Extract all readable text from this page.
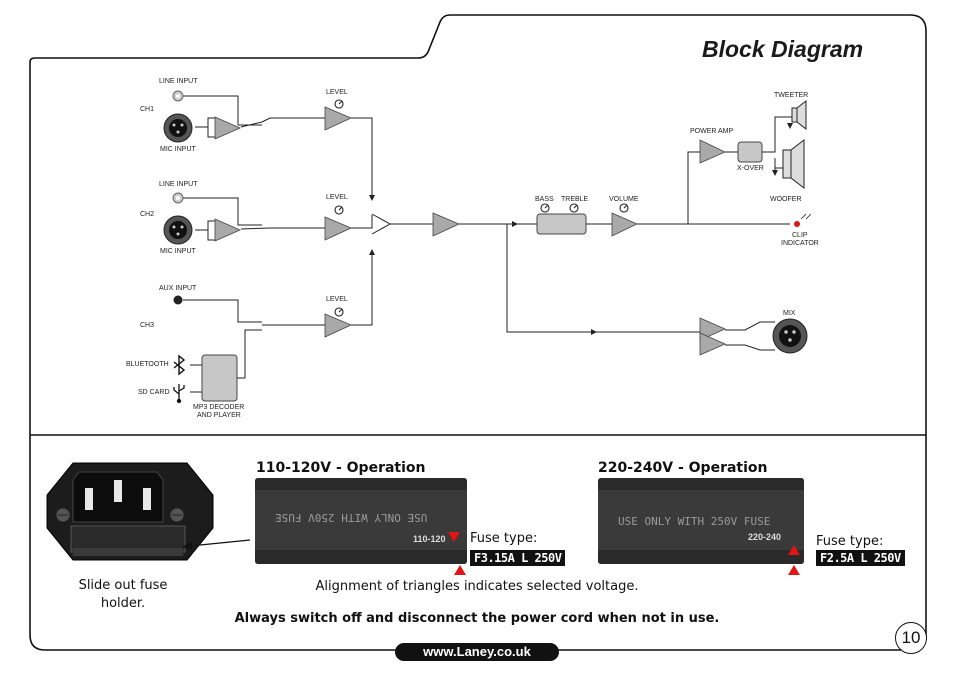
Block Diagram
LINE INPUT
CH1
MIC INPUT
LEVEL
LINE INPUT
CH2
MIC INPUT
LEVEL
AUX INPUT
CH3
LEVEL
BLUETOOTH
SD CARD
MP3 DECODER
AND PLAYER
BASS TREBLE	VOLUME
POWER AMP
X-OVER
TWEETER
WOOFER
CLIP
INDICATOR
MIX
Slide out fuse
holder.
110-120V - Operation
USE ONLY WITH 250V FUSE
110-120 Fuse type:
F3.15A L 250V
220-240V - Operation
USE ONLY WITH 250V FUSE
220-240	Fuse type:
F2.5A L 250V
Alignment of triangles indicates selected voltage.
Always switch off and disconnect the power cord when not in use.
www.Laney.co.uk
10
